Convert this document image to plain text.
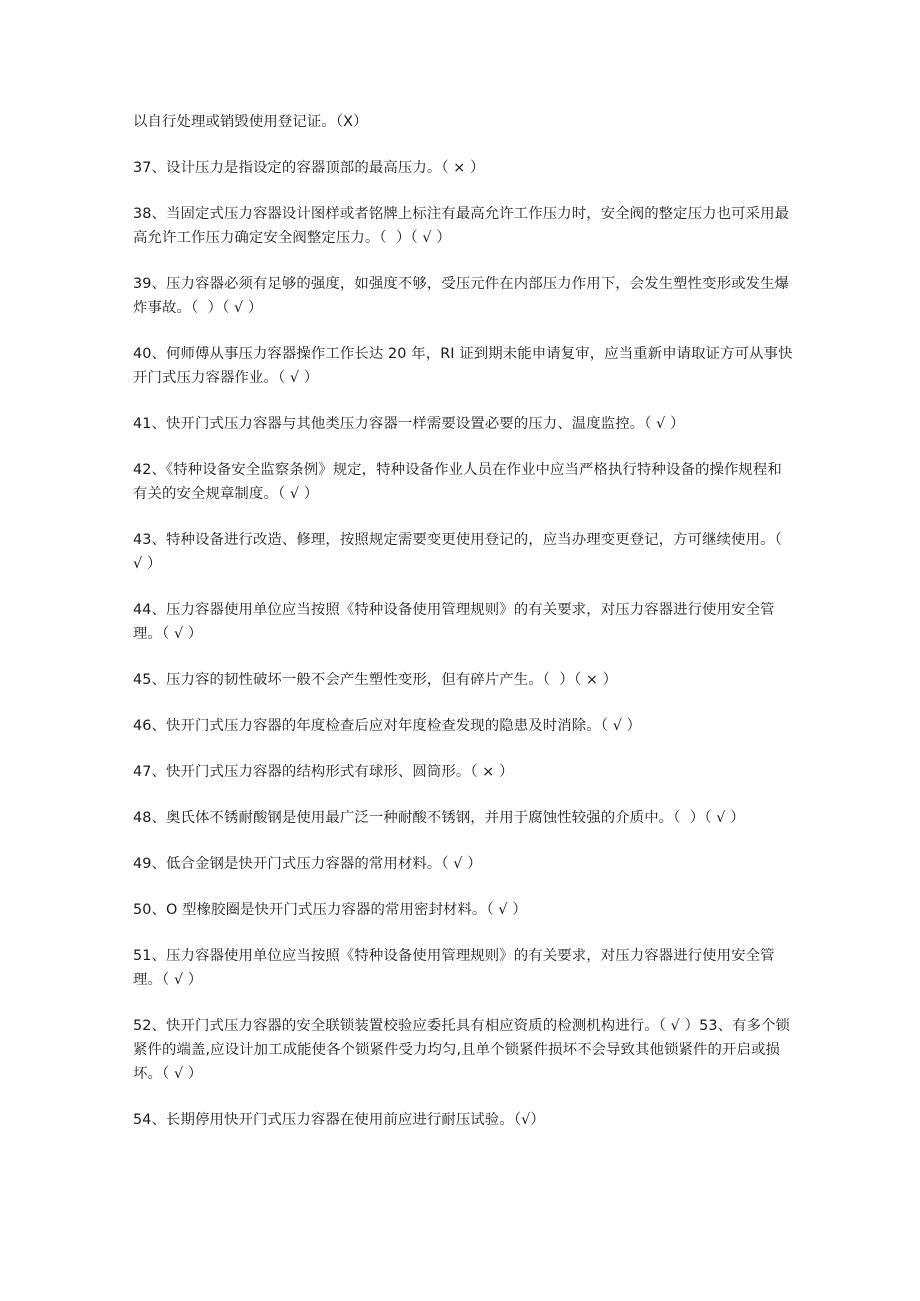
以自行处理或销毁使用登记证。（X）

37、设计压力是指设定的容器顶部的最高压力。（ × ）

38、当固定式压力容器设计图样或者铭牌上标注有最高允许工作压力时，安全阀的整定压力也可采用最高允许工作压力确定安全阀整定压力。（  ）（ √ ）

39、压力容器必须有足够的强度，如强度不够，受压元件在内部压力作用下，会发生塑性变形或发生爆炸事故。（  ）（ √ ）

40、何师傅从事压力容器操作工作长达 20 年，RI 证到期未能申请复审，应当重新申请取证方可从事快开门式压力容器作业。（ √ ）

41、快开门式压力容器与其他类压力容器一样需要设置必要的压力、温度监控。（ √ ）

42、《特种设备安全监察条例》规定，特种设备作业人员在作业中应当严格执行特种设备的操作规程和有关的安全规章制度。（ √ ）

43、特种设备进行改造、修理，按照规定需要变更使用登记的，应当办理变更登记，方可继续使用。（ √ ）

44、压力容器使用单位应当按照《特种设备使用管理规则》的有关要求，对压力容器进行使用安全管理。（ √ ）

45、压力容的韧性破坏一般不会产生塑性变形，但有碎片产生。（  ）（ × ）

46、快开门式压力容器的年度检查后应对年度检查发现的隐患及时消除。（ √ ）

47、快开门式压力容器的结构形式有球形、圆筒形。（ × ）

48、奥氏体不锈耐酸钢是使用最广泛一种耐酸不锈钢，并用于腐蚀性较强的介质中。（  ）（ √ ）

49、低合金钢是快开门式压力容器的常用材料。（ √ ）

50、O 型橡胶圈是快开门式压力容器的常用密封材料。（ √ ）

51、压力容器使用单位应当按照《特种设备使用管理规则》的有关要求，对压力容器进行使用安全管理。（ √ ）

52、快开门式压力容器的安全联锁装置校验应委托具有相应资质的检测机构进行。（ √ ）53、有多个锁紧件的端盖,应设计加工成能使各个锁紧件受力均匀,且单个锁紧件损坏不会导致其他锁紧件的开启或损坏。（ √ ）

54、长期停用快开门式压力容器在使用前应进行耐压试验。（√）
